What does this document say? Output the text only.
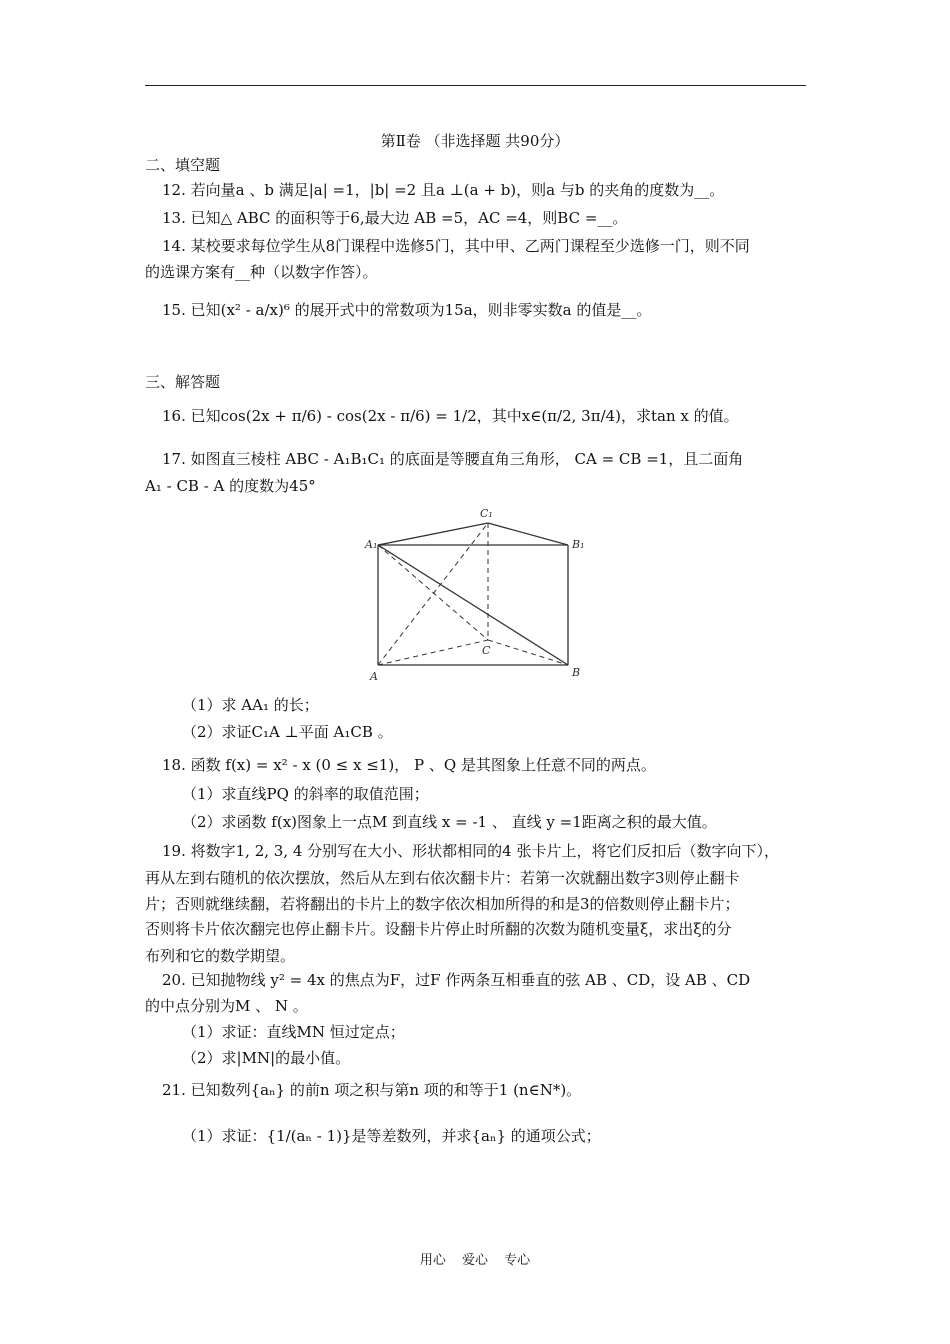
第Ⅱ卷 （非选择题 共90分）
二、填空题
12. 若向量a 、b 满足|a| =1，|b| =2 且a ⊥(a + b)，则a 与b 的夹角的度数为__。
13. 已知△ ABC 的面积等于6,最大边 AB =5，AC =4，则BC =__。
14. 某校要求每位学生从8门课程中选修5门，其中甲、乙两门课程至少选修一门，则不同
的选课方案有__种（以数字作答）。
15. 已知(x² - a/x)⁶ 的展开式中的常数项为15a，则非零实数a 的值是__。
三、解答题
16. 已知cos(2x + π/6) - cos(2x - π/6) = 1/2，其中x∈(π/2, 3π/4)，求tan x 的值。
17. 如图直三棱柱 ABC - A₁B₁C₁ 的底面是等腰直角三角形， CA = CB =1，且二面角
A₁ - CB - A 的度数为45°
A₁
C₁
B₁
A
C
B
（1）求 AA₁ 的长；
（2）求证C₁A ⊥平面 A₁CB 。
18. 函数 f(x) = x² - x (0 ≤ x ≤1)， P 、Q 是其图象上任意不同的两点。
（1）求直线PQ 的斜率的取值范围；
（2）求函数 f(x)图象上一点M 到直线 x = -1 、 直线 y =1距离之积的最大值。
19. 将数字1, 2, 3, 4 分别写在大小、形状都相同的4 张卡片上，将它们反扣后（数字向下），
再从左到右随机的依次摆放，然后从左到右依次翻卡片：若第一次就翻出数字3则停止翻卡
片；否则就继续翻，若将翻出的卡片上的数字依次相加所得的和是3的倍数则停止翻卡片；
否则将卡片依次翻完也停止翻卡片。设翻卡片停止时所翻的次数为随机变量ξ，求出ξ的分
布列和它的数学期望。
20. 已知抛物线 y² = 4x 的焦点为F，过F 作两条互相垂直的弦 AB 、CD，设 AB 、CD
的中点分别为M 、 N 。
（1）求证：直线MN 恒过定点；
（2）求|MN|的最小值。
21. 已知数列{aₙ} 的前n 项之积与第n 项的和等于1 (n∈N*)。
（1）求证：{1/(aₙ - 1)}是等差数列，并求{aₙ} 的通项公式；
用心 爱心 专心
